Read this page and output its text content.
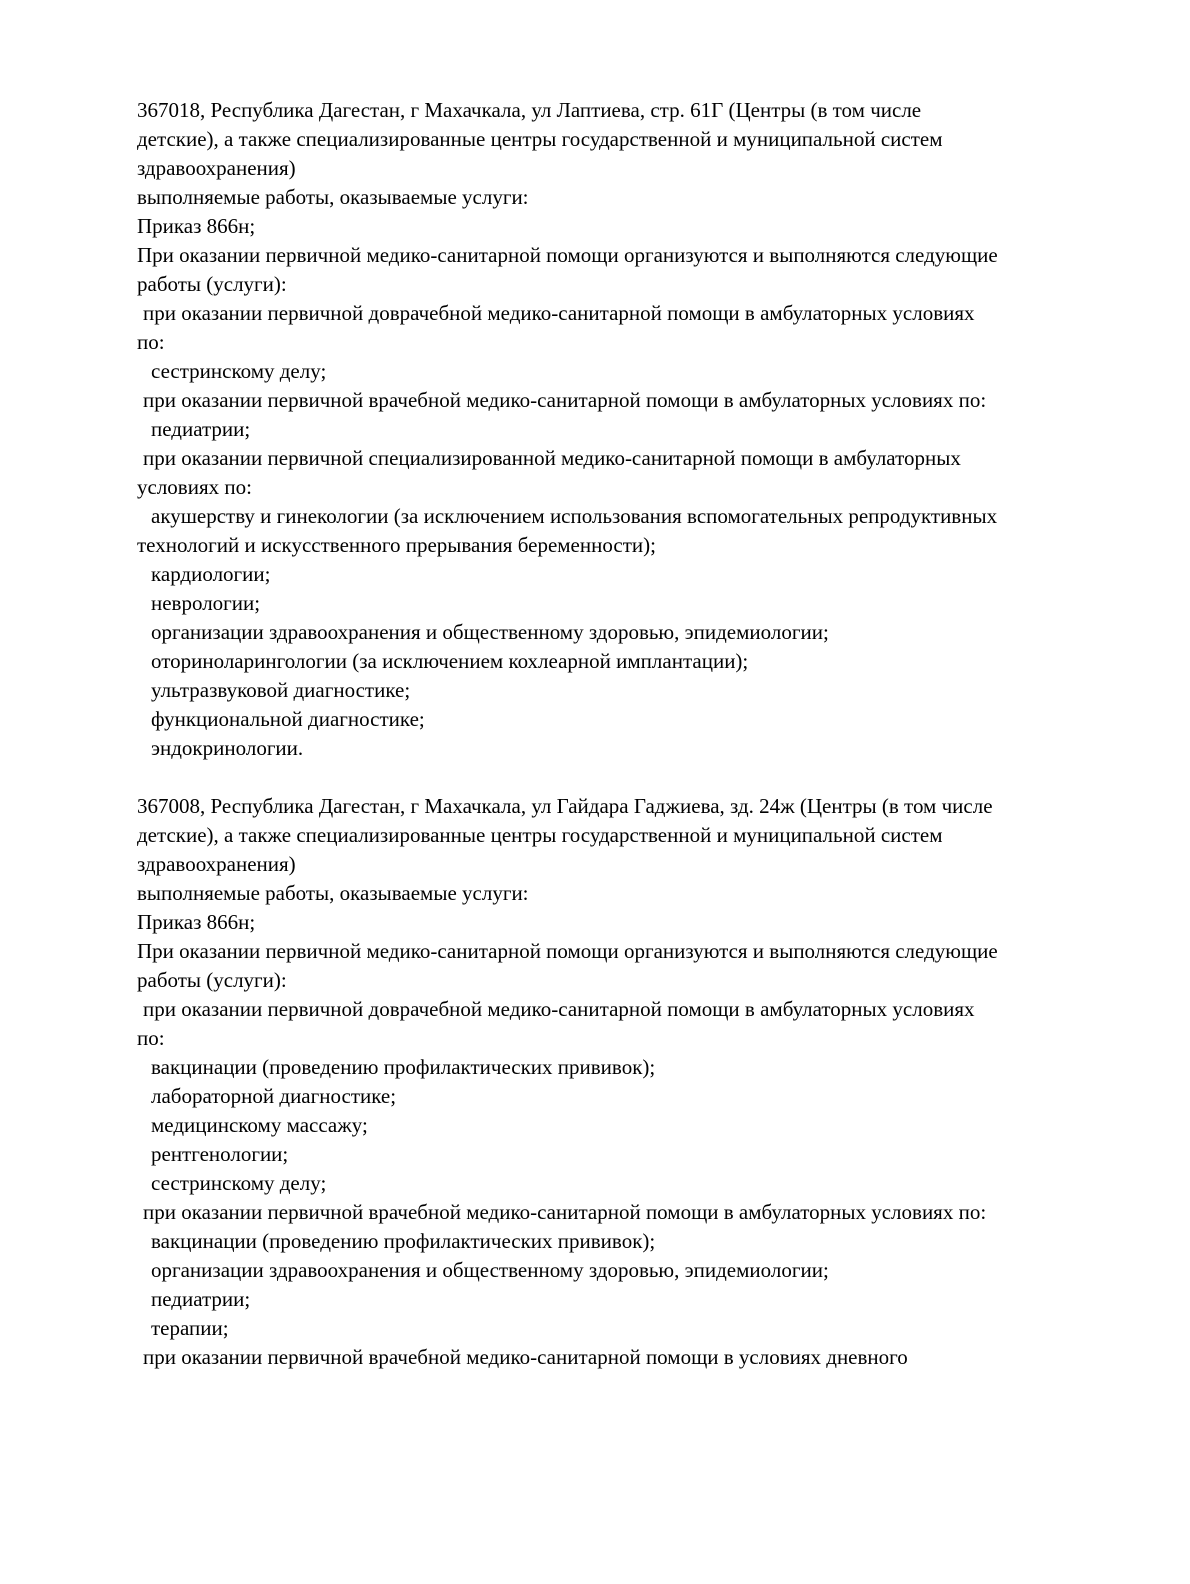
367018, Республика Дагестан, г Махачкала, ул Лаптиева, стр. 61Г (Центры (в том числе
детские), а также специализированные центры государственной и муниципальной систем
здравоохранения)
выполняемые работы, оказываемые услуги:
Приказ 866н;
При оказании первичной медико-санитарной помощи организуются и выполняются следующие
работы (услуги):
при оказании первичной доврачебной медико-санитарной помощи в амбулаторных условиях
по:
сестринскому делу;
при оказании первичной врачебной медико-санитарной помощи в амбулаторных условиях по:
педиатрии;
при оказании первичной специализированной медико-санитарной помощи в амбулаторных
условиях по:
акушерству и гинекологии (за исключением использования вспомогательных репродуктивных
технологий и искусственного прерывания беременности);
кардиологии;
неврологии;
организации здравоохранения и общественному здоровью, эпидемиологии;
оториноларингологии (за исключением кохлеарной имплантации);
ультразвуковой диагностике;
функциональной диагностике;
эндокринологии.
367008, Республика Дагестан, г Махачкала, ул Гайдара Гаджиева, зд. 24ж (Центры (в том числе
детские), а также специализированные центры государственной и муниципальной систем
здравоохранения)
выполняемые работы, оказываемые услуги:
Приказ 866н;
При оказании первичной медико-санитарной помощи организуются и выполняются следующие
работы (услуги):
при оказании первичной доврачебной медико-санитарной помощи в амбулаторных условиях
по:
вакцинации (проведению профилактических прививок);
лабораторной диагностике;
медицинскому массажу;
рентгенологии;
сестринскому делу;
при оказании первичной врачебной медико-санитарной помощи в амбулаторных условиях по:
вакцинации (проведению профилактических прививок);
организации здравоохранения и общественному здоровью, эпидемиологии;
педиатрии;
терапии;
при оказании первичной врачебной медико-санитарной помощи в условиях дневного
